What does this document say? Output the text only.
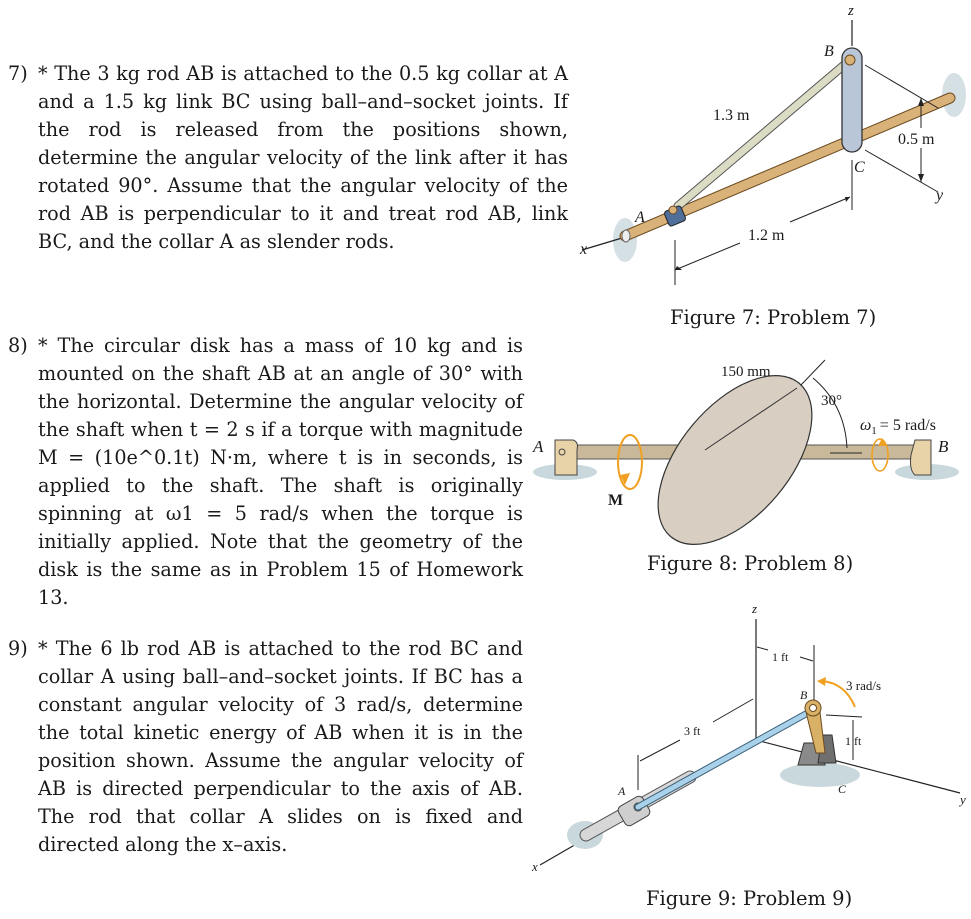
7) * The 3 kg rod AB is attached to the 0.5 kg collar at A and a 1.5 kg link BC using ball–and–socket joints. If the rod is released from the positions shown, determine the angular velocity of the link after it has rotated 90°. Assume that the angular velocity of the rod AB is perpendicular to it and treat rod AB, link BC, and the collar A as slender rods.
z
B
C
A
x
y
0.5 m
1.3 m
1.2 m
Figure 7: Problem 7)
8) * The circular disk has a mass of 10 kg and is mounted on the shaft AB at an angle of 30° with the horizontal. Determine the angular velocity of the shaft when t = 2 s if a torque with magnitude M = (10e^0.1t) N·m, where t is in seconds, is applied to the shaft. The shaft is originally spinning at ω1 = 5 rad/s when the torque is initially applied. Note that the geometry of the disk is the same as in Problem 15 of Homework 13.
M
A	B
150 mm
30°
$\omega_1 = 5$ rad/s
Figure 8: Problem 8)
9) * The 6 lb rod AB is attached to the rod BC and collar A using ball–and–socket joints. If BC has a constant angular velocity of 3 rad/s, determine the total kinetic energy of AB when it is in the position shown. Assume the angular velocity of AB is directed perpendicular to the axis of AB. The rod that collar A slides on is fixed and directed along the x–axis.
z
x
y
3 rad/s
B
C
A
1 ft
1 ft
3 ft
Figure 9: Problem 9)
